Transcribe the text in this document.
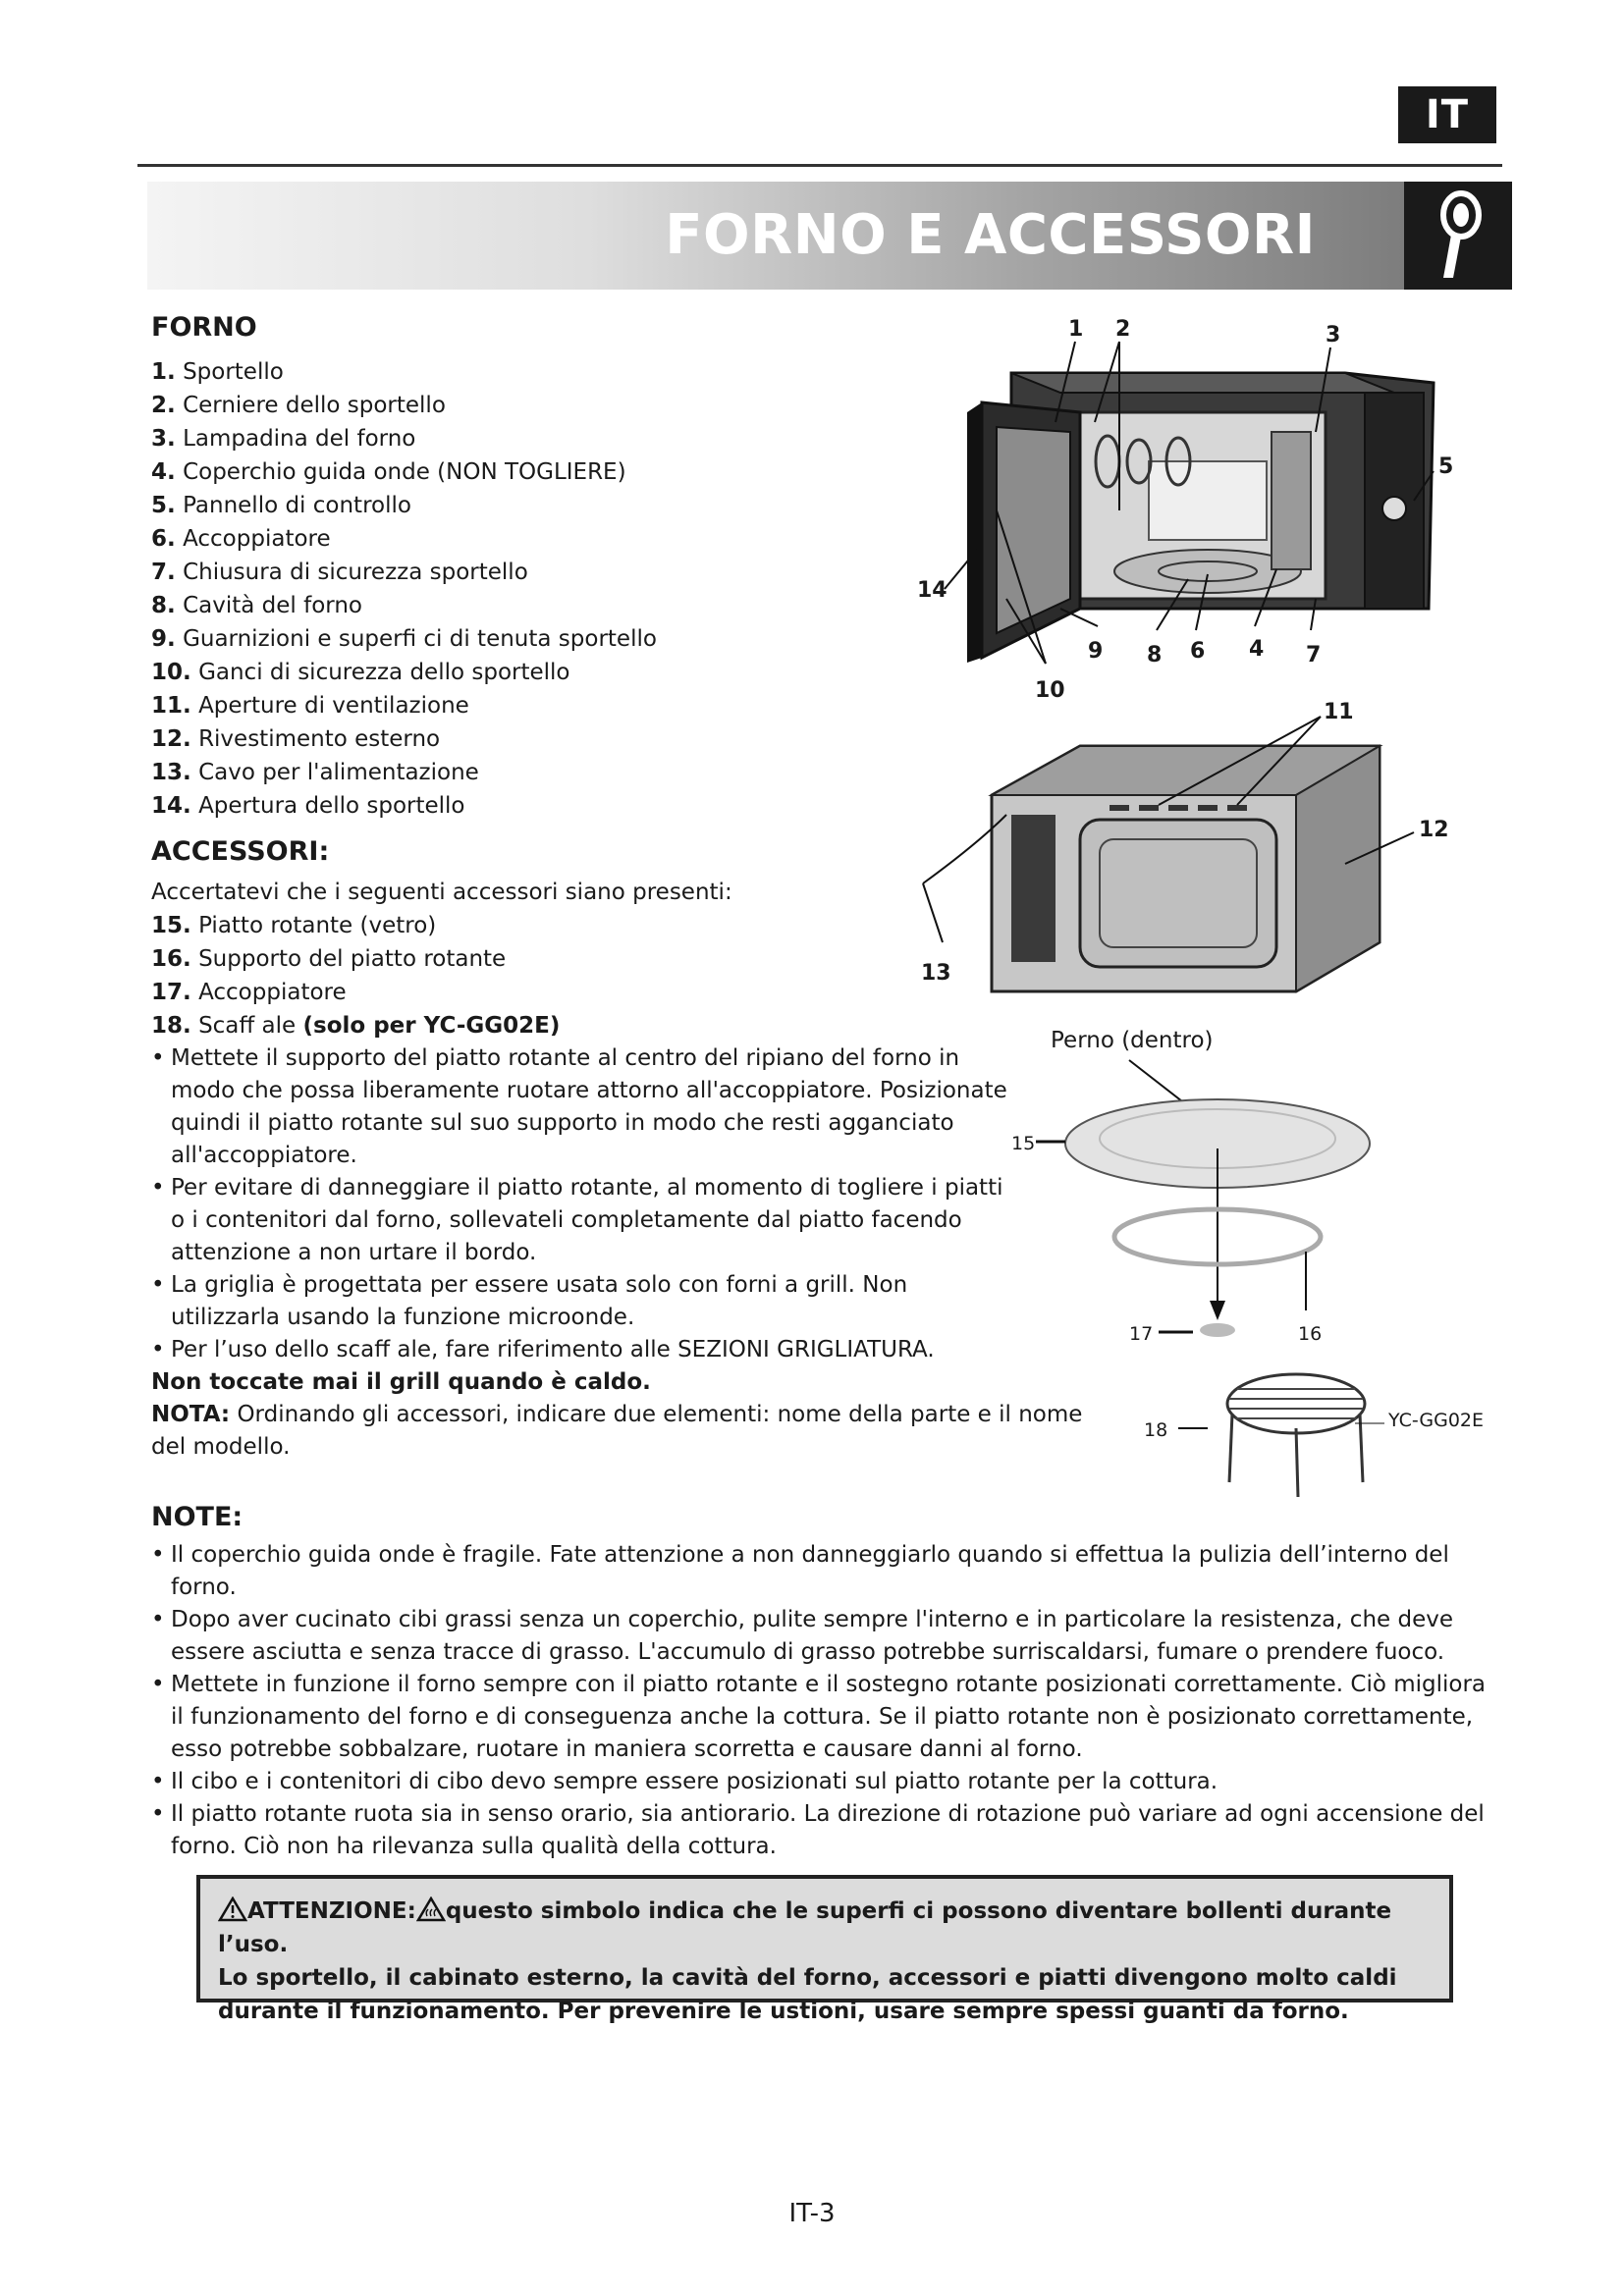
IT
FORNO E ACCESSORI
FORNO
1. Sportello
2. Cerniere dello sportello
3. Lampadina del forno
4. Coperchio guida onde (NON TOGLIERE)
5. Pannello di controllo
6. Accoppiatore
7. Chiusura di sicurezza sportello
8. Cavità del forno
9. Guarnizioni e superfi ci di tenuta sportello
10. Ganci di sicurezza dello sportello
11. Aperture di ventilazione
12. Rivestimento esterno
13. Cavo per l'alimentazione
14. Apertura dello sportello
ACCESSORI:
Accertatevi che i seguenti accessori siano presenti:
15. Piatto rotante (vetro)
16. Supporto del piatto rotante
17. Accoppiatore
18. Scaff ale (solo per YC-GG02E)
• Mettete il supporto del piatto rotante al centro del ripiano del forno in modo che possa liberamente ruotare attorno all'accoppiatore. Posizionate quindi il piatto rotante sul suo supporto in modo che resti agganciato all'accoppiatore.
• Per evitare di danneggiare il piatto rotante, al momento di togliere i piatti o i contenitori dal forno, sollevateli completamente dal piatto facendo attenzione a non urtare il bordo.
• La griglia è progettata per essere usata solo con forni a grill. Non utilizzarla usando la funzione microonde.
• Per l’uso dello scaff ale, fare riferimento alle SEZIONI GRIGLIATURA.
Non toccate mai il grill quando è caldo.
NOTA: Ordinando gli accessori, indicare due elementi: nome della parte e il nome del modello.
1 2	3
5
14
9 8 6 4 7
10
11
12
13
Perno (dentro)
15
16
17
18	YC-GG02E
NOTE:
• Il coperchio guida onde è fragile. Fate attenzione a non danneggiarlo quando si effettua la pulizia dell’interno del forno.
• Dopo aver cucinato cibi grassi senza un coperchio, pulite sempre l'interno e in particolare la resistenza, che deve essere asciutta e senza tracce di grasso. L'accumulo di grasso potrebbe surriscaldarsi, fumare o prendere fuoco.
• Mettete in funzione il forno sempre con il piatto rotante e il sostegno rotante posizionati correttamente. Ciò migliora il funzionamento del forno e di conseguenza anche la cottura. Se il piatto rotante non è posizionato correttamente, esso potrebbe sobbalzare, ruotare in maniera scorretta e causare danni al forno.
• Il cibo e i contenitori di cibo devo sempre essere posizionati sul piatto rotante per la cottura.
• Il piatto rotante ruota sia in senso orario, sia antiorario. La direzione di rotazione può variare ad ogni accensione del forno. Ciò non ha rilevanza sulla qualità della cottura.
ATTENZIONE: questo simbolo indica che le superfi ci possono diventare bollenti durante l’uso.
Lo sportello, il cabinato esterno, la cavità del forno, accessori e piatti divengono molto caldi durante il funzionamento. Per prevenire le ustioni, usare sempre spessi guanti da forno.
IT-3
